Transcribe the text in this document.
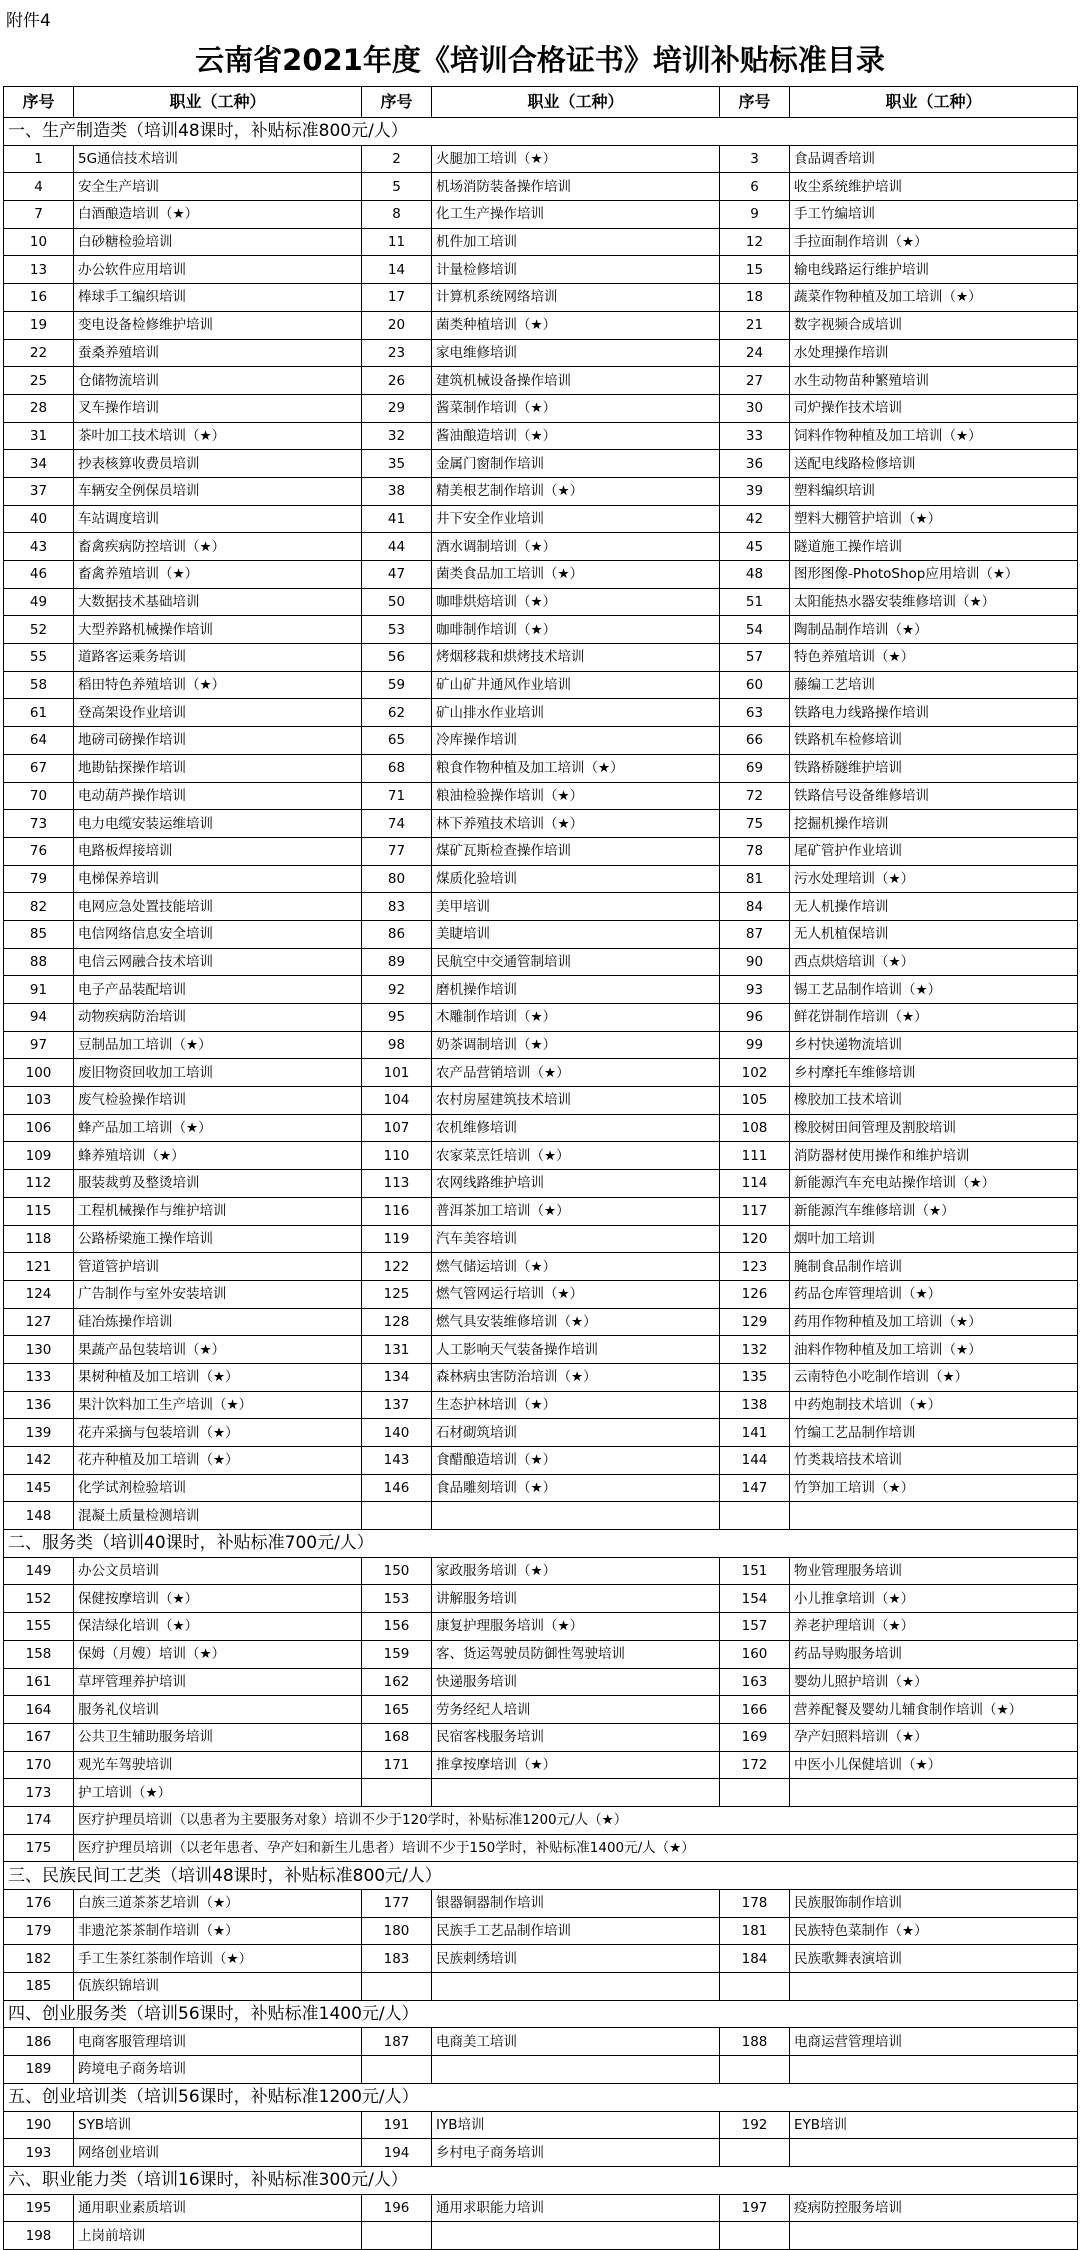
附件4
云南省2021年度《培训合格证书》培训补贴标准目录
序号	职业（工种）	序号	职业（工种）	序号	职业（工种）
一、生产制造类（培训48课时，补贴标准800元/人）					
1	5G通信技术培训	2	火腿加工培训（★）	3	食品调香培训
4	安全生产培训	5	机场消防装备操作培训	6	收尘系统维护培训
7	白酒酿造培训（★）	8	化工生产操作培训	9	手工竹编培训
10	白砂糖检验培训	11	机件加工培训	12	手拉面制作培训（★）
13	办公软件应用培训	14	计量检修培训	15	输电线路运行维护培训
16	棒球手工编织培训	17	计算机系统网络培训	18	蔬菜作物种植及加工培训（★）
19	变电设备检修维护培训	20	菌类种植培训（★）	21	数字视频合成培训
22	蚕桑养殖培训	23	家电维修培训	24	水处理操作培训
25	仓储物流培训	26	建筑机械设备操作培训	27	水生动物苗种繁殖培训
28	叉车操作培训	29	酱菜制作培训（★）	30	司炉操作技术培训
31	茶叶加工技术培训（★）	32	酱油酿造培训（★）	33	饲料作物种植及加工培训（★）
34	抄表核算收费员培训	35	金属门窗制作培训	36	送配电线路检修培训
37	车辆安全例保员培训	38	精美根艺制作培训（★）	39	塑料编织培训
40	车站调度培训	41	井下安全作业培训	42	塑料大棚管护培训（★）
43	畜禽疾病防控培训（★）	44	酒水调制培训（★）	45	隧道施工操作培训
46	畜禽养殖培训（★）	47	菌类食品加工培训（★）	48	图形图像-PhotoShop应用培训（★）
49	大数据技术基础培训	50	咖啡烘焙培训（★）	51	太阳能热水器安装维修培训（★）
52	大型养路机械操作培训	53	咖啡制作培训（★）	54	陶制品制作培训（★）
55	道路客运乘务培训	56	烤烟移栽和烘烤技术培训	57	特色养殖培训（★）
58	稻田特色养殖培训（★）	59	矿山矿井通风作业培训	60	藤编工艺培训
61	登高架设作业培训	62	矿山排水作业培训	63	铁路电力线路操作培训
64	地磅司磅操作培训	65	冷库操作培训	66	铁路机车检修培训
67	地勘钻探操作培训	68	粮食作物种植及加工培训（★）	69	铁路桥隧维护培训
70	电动葫芦操作培训	71	粮油检验操作培训（★）	72	铁路信号设备维修培训
73	电力电缆安装运维培训	74	林下养殖技术培训（★）	75	挖掘机操作培训
76	电路板焊接培训	77	煤矿瓦斯检查操作培训	78	尾矿管护作业培训
79	电梯保养培训	80	煤质化验培训	81	污水处理培训（★）
82	电网应急处置技能培训	83	美甲培训	84	无人机操作培训
85	电信网络信息安全培训	86	美睫培训	87	无人机植保培训
88	电信云网融合技术培训	89	民航空中交通管制培训	90	西点烘焙培训（★）
91	电子产品装配培训	92	磨机操作培训	93	锡工艺品制作培训（★）
94	动物疾病防治培训	95	木雕制作培训（★）	96	鲜花饼制作培训（★）
97	豆制品加工培训（★）	98	奶茶调制培训（★）	99	乡村快递物流培训
100	废旧物资回收加工培训	101	农产品营销培训（★）	102	乡村摩托车维修培训
103	废气检验操作培训	104	农村房屋建筑技术培训	105	橡胶加工技术培训
106	蜂产品加工培训（★）	107	农机维修培训	108	橡胶树田间管理及割胶培训
109	蜂养殖培训（★）	110	农家菜烹饪培训（★）	111	消防器材使用操作和维护培训
112	服装裁剪及整烫培训	113	农网线路维护培训	114	新能源汽车充电站操作培训（★）
115	工程机械操作与维护培训	116	普洱茶加工培训（★）	117	新能源汽车维修培训（★）
118	公路桥梁施工操作培训	119	汽车美容培训	120	烟叶加工培训
121	管道管护培训	122	燃气储运培训（★）	123	腌制食品制作培训
124	广告制作与室外安装培训	125	燃气管网运行培训（★）	126	药品仓库管理培训（★）
127	硅冶炼操作培训	128	燃气具安装维修培训（★）	129	药用作物种植及加工培训（★）
130	果蔬产品包装培训（★）	131	人工影响天气装备操作培训	132	油料作物种植及加工培训（★）
133	果树种植及加工培训（★）	134	森林病虫害防治培训（★）	135	云南特色小吃制作培训（★）
136	果汁饮料加工生产培训（★）	137	生态护林培训（★）	138	中药炮制技术培训（★）
139	花卉采摘与包装培训（★）	140	石材砌筑培训	141	竹编工艺品制作培训
142	花卉种植及加工培训（★）	143	食醋酿造培训（★）	144	竹类栽培技术培训
145	化学试剂检验培训	146	食品雕刻培训（★）	147	竹笋加工培训（★）
148	混凝土质量检测培训				
二、服务类（培训40课时，补贴标准700元/人）					
149	办公文员培训	150	家政服务培训（★）	151	物业管理服务培训
152	保健按摩培训（★）	153	讲解服务培训	154	小儿推拿培训（★）
155	保洁绿化培训（★）	156	康复护理服务培训（★）	157	养老护理培训（★）
158	保姆（月嫂）培训（★）	159	客、货运驾驶员防御性驾驶培训	160	药品导购服务培训
161	草坪管理养护培训	162	快递服务培训	163	婴幼儿照护培训（★）
164	服务礼仪培训	165	劳务经纪人培训	166	营养配餐及婴幼儿辅食制作培训（★）
167	公共卫生辅助服务培训	168	民宿客栈服务培训	169	孕产妇照料培训（★）
170	观光车驾驶培训	171	推拿按摩培训（★）	172	中医小儿保健培训（★）
173	护工培训（★）				
174	医疗护理员培训（以患者为主要服务对象）培训不少于120学时，补贴标准1200元/人（★）				
175	医疗护理员培训（以老年患者、孕产妇和新生儿患者）培训不少于150学时，补贴标准1400元/人（★）				
三、民族民间工艺类（培训48课时，补贴标准800元/人）					
176	白族三道茶茶艺培训（★）	177	银器铜器制作培训	178	民族服饰制作培训
179	非遗沱茶茶制作培训（★）	180	民族手工艺品制作培训	181	民族特色菜制作（★）
182	手工生茶红茶制作培训（★）	183	民族刺绣培训	184	民族歌舞表演培训
185	佤族织锦培训				
四、创业服务类（培训56课时，补贴标准1400元/人）					
186	电商客服管理培训	187	电商美工培训	188	电商运营管理培训
189	跨境电子商务培训				
五、创业培训类（培训56课时，补贴标准1200元/人）					
190	SYB培训	191	IYB培训	192	EYB培训
193	网络创业培训	194	乡村电子商务培训		
六、职业能力类（培训16课时，补贴标准300元/人）					
195	通用职业素质培训	196	通用求职能力培训	197	疫病防控服务培训
198	上岗前培训				
